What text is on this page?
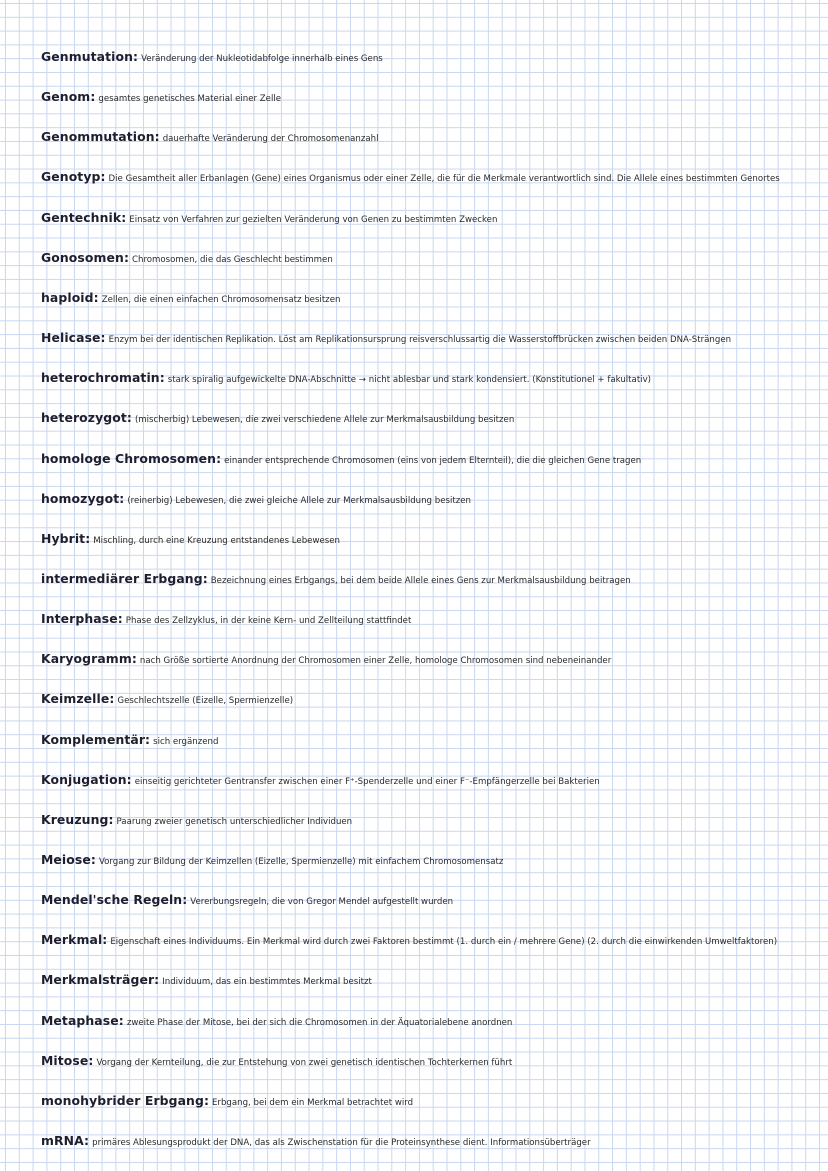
Genmutation: Veränderung der Nukleotidabfolge innerhalb eines Gens
Genom: gesamtes genetisches Material einer Zelle
Genommutation: dauerhafte Veränderung der Chromosomenanzahl
Genotyp: Die Gesamtheit aller Erbanlagen (Gene) eines Organismus oder einer Zelle, die für die Merkmale verantwortlich sind. Die Allele eines bestimmten Genortes
Gentechnik: Einsatz von Verfahren zur gezielten Veränderung von Genen zu bestimmten Zwecken
Gonosomen: Chromosomen, die das Geschlecht bestimmen
haploid: Zellen, die einen einfachen Chromosomensatz besitzen
Helicase: Enzym bei der identischen Replikation. Löst am Replikationsursprung reisverschlussartig die Wasserstoffbrücken zwischen beiden DNA-Strängen
heterochromatin: stark spiralig aufgewickelte DNA-Abschnitte → nicht ablesbar und stark kondensiert. (Konstitutionel + fakultativ)
heterozygot: (mischerbig) Lebewesen, die zwei verschiedene Allele zur Merkmalsausbildung besitzen
homologe Chromosomen: einander entsprechende Chromosomen (eins von jedem Elternteil), die die gleichen Gene tragen
homozygot: (reinerbig) Lebewesen, die zwei gleiche Allele zur Merkmalsausbildung besitzen
Hybrit: Mischling, durch eine Kreuzung entstandenes Lebewesen
intermediärer Erbgang: Bezeichnung eines Erbgangs, bei dem beide Allele eines Gens zur Merkmalsausbildung beitragen
Interphase: Phase des Zellzyklus, in der keine Kern- und Zellteilung stattfindet
Karyogramm: nach Größe sortierte Anordnung der Chromosomen einer Zelle, homologe Chromosomen sind nebeneinander
Keimzelle: Geschlechtszelle (Eizelle, Spermienzelle)
Komplementär: sich ergänzend
Konjugation: einseitig gerichteter Gentransfer zwischen einer F⁺-Spenderzelle und einer F⁻-Empfängerzelle bei Bakterien
Kreuzung: Paarung zweier genetisch unterschiedlicher Individuen
Meiose: Vorgang zur Bildung der Keimzellen (Eizelle, Spermienzelle) mit einfachem Chromosomensatz
Mendel'sche Regeln: Vererbungsregeln, die von Gregor Mendel aufgestellt wurden
Merkmal: Eigenschaft eines Individuums. Ein Merkmal wird durch zwei Faktoren bestimmt (1. durch ein / mehrere Gene) (2. durch die einwirkenden Umweltfaktoren)
Merkmalsträger: Individuum, das ein bestimmtes Merkmal besitzt
Metaphase: zweite Phase der Mitose, bei der sich die Chromosomen in der Äquatorialebene anordnen
Mitose: Vorgang der Kernteilung, die zur Entstehung von zwei genetisch identischen Tochterkernen führt
monohybrider Erbgang: Erbgang, bei dem ein Merkmal betrachtet wird
mRNA: primäres Ablesungsprodukt der DNA, das als Zwischenstation für die Proteinsynthese dient. Informationsüberträger
